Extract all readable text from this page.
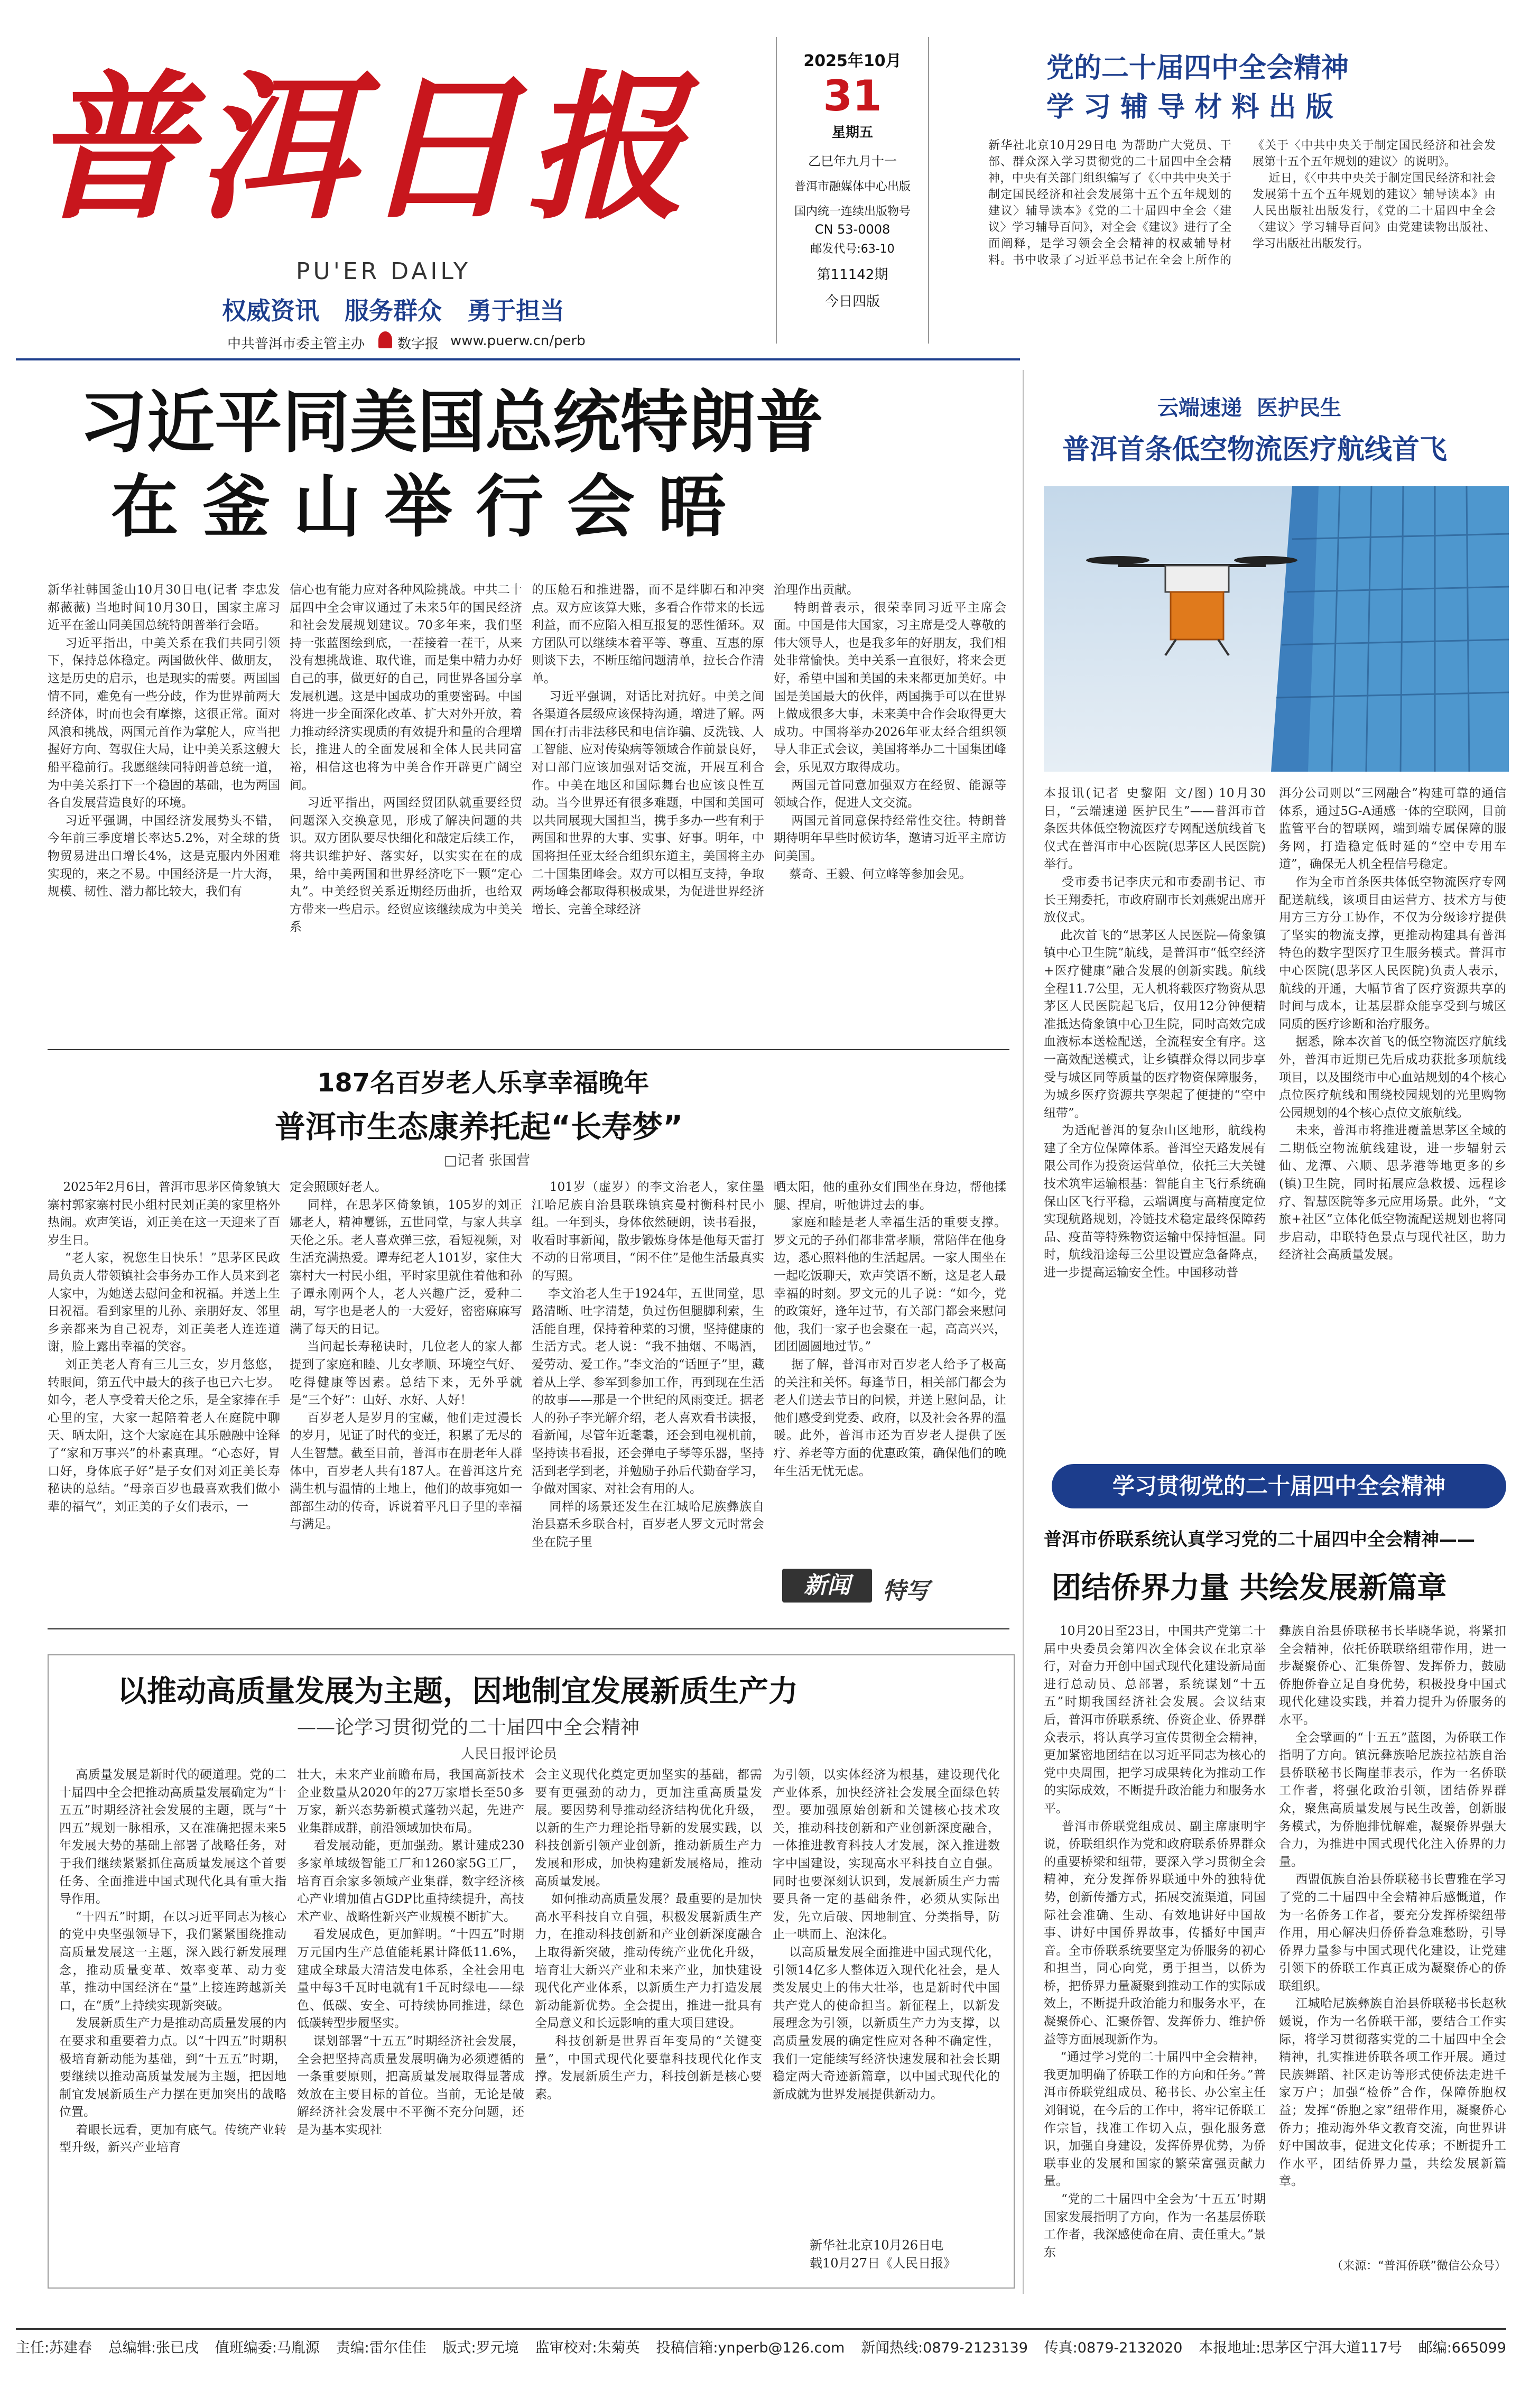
普洱日报
PU'ER DAILY
权威资讯   服务群众   勇于担当
中共普洱市委主管主办 数字报 www.puerw.cn/perb
2025年10月
31
星期五
乙巳年九月十一
普洱市融媒体中心出版
国内统一连续出版物号
CN 53-0008
邮发代号:63-10
第11142期
今日四版
党的二十届四中全会精神
学 习 辅 导 材 料 出 版
新华社北京10月29日电 为帮助广大党员、干部、群众深入学习贯彻党的二十届四中全会精神，中央有关部门组织编写了《〈中共中央关于制定国民经济和社会发展第十五个五年规划的建议〉辅导读本》《党的二十届四中全会〈建议〉学习辅导百问》，对全会《建议》进行了全面阐释，是学习领会全会精神的权威辅导材料。书中收录了习近平总书记在全会上所作的《关于〈中共中央关于制定国民经济和社会发展第十五个五年规划的建议〉的说明》。
近日，《〈中共中央关于制定国民经济和社会发展第十五个五年规划的建议〉辅导读本》由人民出版社出版发行，《党的二十届四中全会〈建议〉学习辅导百问》由党建读物出版社、学习出版社出版发行。
习近平同美国总统特朗普
在 釜 山 举 行 会 晤
新华社韩国釜山10月30日电(记者 李忠发 郝薇薇) 当地时间10月30日，国家主席习近平在釜山同美国总统特朗普举行会晤。
习近平指出，中美关系在我们共同引领下，保持总体稳定。两国做伙伴、做朋友，这是历史的启示，也是现实的需要。两国国情不同，难免有一些分歧，作为世界前两大经济体，时而也会有摩擦，这很正常。面对风浪和挑战，两国元首作为掌舵人，应当把握好方向、驾驭住大局，让中美关系这艘大船平稳前行。我愿继续同特朗普总统一道，为中美关系打下一个稳固的基础，也为两国各自发展营造良好的环境。
习近平强调，中国经济发展势头不错，今年前三季度增长率达5.2%，对全球的货物贸易进出口增长4%，这是克服内外困难实现的，来之不易。中国经济是一片大海，规模、韧性、潜力都比较大，我们有
信心也有能力应对各种风险挑战。中共二十届四中全会审议通过了未来5年的国民经济和社会发展规划建议。70多年来，我们坚持一张蓝图绘到底，一茬接着一茬干，从来没有想挑战谁、取代谁，而是集中精力办好自己的事，做更好的自己，同世界各国分享发展机遇。这是中国成功的重要密码。中国将进一步全面深化改革、扩大对外开放，着力推动经济实现质的有效提升和量的合理增长，推进人的全面发展和全体人民共同富裕，相信这也将为中美合作开辟更广阔空间。
习近平指出，两国经贸团队就重要经贸问题深入交换意见，形成了解决问题的共识。双方团队要尽快细化和敲定后续工作，将共识维护好、落实好，以实实在在的成果，给中美两国和世界经济吃下一颗“定心丸”。中美经贸关系近期经历曲折，也给双方带来一些启示。经贸应该继续成为中美关系
的压舱石和推进器，而不是绊脚石和冲突点。双方应该算大账，多看合作带来的长远利益，而不应陷入相互报复的恶性循环。双方团队可以继续本着平等、尊重、互惠的原则谈下去，不断压缩问题清单，拉长合作清单。
习近平强调，对话比对抗好。中美之间各渠道各层级应该保持沟通，增进了解。两国在打击非法移民和电信诈骗、反洗钱、人工智能、应对传染病等领域合作前景良好，对口部门应该加强对话交流，开展互利合作。中美在地区和国际舞台也应该良性互动。当今世界还有很多难题，中国和美国可以共同展现大国担当，携手多办一些有利于两国和世界的大事、实事、好事。明年，中国将担任亚太经合组织东道主，美国将主办二十国集团峰会。双方可以相互支持，争取两场峰会都取得积极成果，为促进世界经济增长、完善全球经济
治理作出贡献。
特朗普表示，很荣幸同习近平主席会面。中国是伟大国家，习主席是受人尊敬的伟大领导人，也是我多年的好朋友，我们相处非常愉快。美中关系一直很好，将来会更好，希望中国和美国的未来都更加美好。中国是美国最大的伙伴，两国携手可以在世界上做成很多大事，未来美中合作会取得更大成功。中国将举办2026年亚太经合组织领导人非正式会议，美国将举办二十国集团峰会，乐见双方取得成功。
两国元首同意加强双方在经贸、能源等领域合作，促进人文交流。
两国元首同意保持经常性交往。特朗普期待明年早些时候访华，邀请习近平主席访问美国。
蔡奇、王毅、何立峰等参加会见。
187名百岁老人乐享幸福晚年
普洱市生态康养托起“长寿梦”
□记者 张国营
2025年2月6日，普洱市思茅区倚象镇大寨村郭家寨村民小组村民刘正美的家里格外热闹。欢声笑语，刘正美在这一天迎来了百岁生日。
“老人家，祝您生日快乐！”思茅区民政局负责人带领镇社会事务办工作人员来到老人家中，为她送去慰问金和祝福。并送上生日祝福。看到家里的儿孙、亲朋好友、邻里乡亲都来为自己祝寿，刘正美老人连连道谢，脸上露出幸福的笑容。
刘正美老人育有三儿三女，岁月悠悠，转眼间，第五代中最大的孩子也已六七岁。如今，老人享受着天伦之乐，是全家捧在手心里的宝，大家一起陪着老人在庭院中聊天、晒太阳，这个大家庭在其乐融融中诠释了“家和万事兴”的朴素真理。“心态好，胃口好，身体底子好”是子女们对刘正美长寿秘诀的总结。“母亲百岁也最喜欢我们做小辈的福气”，刘正美的子女们表示，一
定会照顾好老人。
同样，在思茅区倚象镇，105岁的刘正娜老人，精神矍铄，五世同堂，与家人共享天伦之乐。老人喜欢弹三弦，看短视频，对生活充满热爱。谭寿纪老人101岁，家住大寨村大一村民小组，平时家里就住着他和孙子谭永刚两个人，老人兴趣广泛，爱种二胡，写字也是老人的一大爱好，密密麻麻写满了每天的日记。
当问起长寿秘诀时，几位老人的家人都提到了家庭和睦、儿女孝顺、环境空气好、吃得健康等因素。总结下来，无外乎就是“三个好”：山好、水好、人好！
百岁老人是岁月的宝藏，他们走过漫长的岁月，见证了时代的变迁，积累了无尽的人生智慧。截至目前，普洱市在册老年人群体中，百岁老人共有187人。在普洱这片充满生机与温情的土地上，他们的故事宛如一部部生动的传奇，诉说着平凡日子里的幸福与满足。
101岁（虚岁）的李文治老人，家住墨江哈尼族自治县联珠镇宾曼村衡科村民小组。一年到头，身体依然硬朗，读书看报，收看时事新闻，散步锻炼身体是他每天雷打不动的日常项目，“闲不住”是他生活最真实的写照。
李文治老人生于1924年，五世同堂，思路清晰、吐字清楚，负过伤但腿脚利索，生活能自理，保持着种菜的习惯，坚持健康的生活方式。老人说：“我不抽烟、不喝酒，爱劳动、爱工作。”李文治的“话匣子”里，藏着从上学、参军到参加工作，再到现在生活的故事——那是一个世纪的风雨变迁。据老人的孙子李光解介绍，老人喜欢看书读报，看新闻，尽管年近耄耋，还会到电视机前，坚持读书看报，还会弹电子琴等乐器，坚持活到老学到老，并勉励子孙后代勤奋学习，争做对国家、对社会有用的人。
同样的场景还发生在江城哈尼族彝族自治县嘉禾乡联合村，百岁老人罗文元时常会坐在院子里
晒太阳，他的重孙女们围坐在身边，帮他揉腿、捏肩，听他讲过去的事。
家庭和睦是老人幸福生活的重要支撑。罗文元的子孙们都非常孝顺，常陪伴在他身边，悉心照料他的生活起居。一家人围坐在一起吃饭聊天，欢声笑语不断，这是老人最幸福的时刻。罗文元的儿子说：“如今，党的政策好，逢年过节，有关部门都会来慰问他，我们一家子也会聚在一起，高高兴兴，团团圆圆地过节。”
据了解，普洱市对百岁老人给予了极高的关注和关怀。每逢节日，相关部门都会为老人们送去节日的问候，并送上慰问品，让他们感受到党委、政府，以及社会各界的温暖。此外，普洱市还为百岁老人提供了医疗、养老等方面的优惠政策，确保他们的晚年生活无忧无虑。
新闻	特写
以推动高质量发展为主题，因地制宜发展新质生产力
——论学习贯彻党的二十届四中全会精神
人民日报评论员
高质量发展是新时代的硬道理。党的二十届四中全会把推动高质量发展确定为“十五五”时期经济社会发展的主题，既与“十四五”规划一脉相承，又在准确把握未来5年发展大势的基础上部署了战略任务，对于我们继续紧紧抓住高质量发展这个首要任务、全面推进中国式现代化具有重大指导作用。
“十四五”时期，在以习近平同志为核心的党中央坚强领导下，我们紧紧围绕推动高质量发展这一主题，深入践行新发展理念，推动质量变革、效率变革、动力变革，推动中国经济在“量”上接连跨越新关口，在“质”上持续实现新突破。
发展新质生产力是推动高质量发展的内在要求和重要着力点。以“十四五”时期积极培育新动能为基础，到“十五五”时期，要继续以推动高质量发展为主题，把因地制宜发展新质生产力摆在更加突出的战略位置。
着眼长远看，更加有底气。传统产业转型升级，新兴产业培育
壮大，未来产业前瞻布局，我国高新技术企业数量从2020年的27万家增长至50多万家，新兴态势新模式蓬勃兴起，先进产业集群成群，前沿领域加快布局。
看发展动能，更加强劲。累计建成230多家单域级智能工厂和1260家5G工厂，培育百余家多领域产业集群，数字经济核心产业增加值占GDP比重持续提升，高技术产业、战略性新兴产业规模不断扩大。
看发展成色，更加鲜明。“十四五”时期万元国内生产总值能耗累计降低11.6%，建成全球最大清洁发电体系，全社会用电量中每3千瓦时电就有1千瓦时绿电——绿色、低碳、安全、可持续协同推进，绿色低碳转型步履坚实。
谋划部署“十五五”时期经济社会发展，全会把坚持高质量发展明确为必须遵循的一条重要原则，把高质量发展取得显著成效放在主要目标的首位。当前，无论是破解经济社会发展中不平衡不充分问题，还是为基本实现社
会主义现代化奠定更加坚实的基础，都需要有更强劲的动力，更加注重高质量发展。要因势利导推动经济结构优化升级，以新的生产力理论指导新的发展实践，以科技创新引领产业创新，推动新质生产力发展和形成，加快构建新发展格局，推动高质量发展。
如何推动高质量发展？最重要的是加快高水平科技自立自强，积极发展新质生产力，在推动科技创新和产业创新深度融合上取得新突破，推动传统产业优化升级，培育壮大新兴产业和未来产业，加快建设现代化产业体系，以新质生产力打造发展新动能新优势。全会提出，推进一批具有全局意义和长远影响的重大项目建设。
科技创新是世界百年变局的“关键变量”，中国式现代化要靠科技现代化作支撑。发展新质生产力，科技创新是核心要素。
为引领，以实体经济为根基，建设现代化产业体系，加快经济社会发展全面绿色转型。要加强原始创新和关键核心技术攻关，推动科技创新和产业创新深度融合，一体推进教育科技人才发展，深入推进数字中国建设，实现高水平科技自立自强。同时也要深刻认识到，发展新质生产力需要具备一定的基础条件，必须从实际出发，先立后破、因地制宜、分类指导，防止一哄而上、泡沫化。
以高质量发展全面推进中国式现代化，引领14亿多人整体迈入现代化社会，是人类发展史上的伟大壮举，也是新时代中国共产党人的使命担当。新征程上，以新发展理念为引领，以新质生产力为支撑，以高质量发展的确定性应对各种不确定性，我们一定能续写经济快速发展和社会长期稳定两大奇迹新篇章，以中国式现代化的新成就为世界发展提供新动力。
新华社北京10月26日电
载10月27日《人民日报》
云端速递  医护民生
普洱首条低空物流医疗航线首飞
本报讯(记者 史黎阳 文/图) 10月30日，“云端速递 医护民生”——普洱市首条医共体低空物流医疗专网配送航线首飞仪式在普洱市中心医院(思茅区人民医院)举行。
受市委书记李庆元和市委副书记、市长王翔委托，市政府副市长刘燕妮出席开放仪式。
此次首飞的“思茅区人民医院—倚象镇镇中心卫生院”航线，是普洱市“低空经济+医疗健康”融合发展的创新实践。航线全程11.7公里，无人机将载医疗物资从思茅区人民医院起飞后，仅用12分钟便精准抵达倚象镇中心卫生院，同时高效完成血液标本送检配送，全流程安全有序。这一高效配送模式，让乡镇群众得以同步享受与城区同等质量的医疗物资保障服务，为城乡医疗资源共享架起了便捷的“空中纽带”。
为适配普洱的复杂山区地形，航线构建了全方位保障体系。普洱空天路发展有限公司作为投资运营单位，依托三大关键技术筑牢运输根基：智能自主飞行系统确保山区飞行平稳，云端调度与高精度定位实现航路规划，冷链技术稳定最终保障药品、疫苗等特殊物资运输中保持恒温。同时，航线沿途每三公里设置应急备降点，进一步提高运输安全性。中国移动普
洱分公司则以“三网融合”构建可靠的通信体系，通过5G-A通感一体的空联网，目前监管平台的智联网，端到端专属保障的服务网，打造稳定低时延的“空中专用车道”，确保无人机全程信号稳定。
作为全市首条医共体低空物流医疗专网配送航线，该项目由运营方、技术方与使用方三方分工协作，不仅为分级诊疗提供了坚实的物流支撑，更推动构建具有普洱特色的数字型医疗卫生服务模式。普洱市中心医院(思茅区人民医院)负责人表示，航线的开通，大幅节省了医疗资源共享的时间与成本，让基层群众能享受到与城区同质的医疗诊断和治疗服务。
据悉，除本次首飞的低空物流医疗航线外，普洱市近期已先后成功获批多项航线项目，以及围绕市中心血站规划的4个核心点位医疗航线和围绕校园规划的光里购物公园规划的4个核心点位文旅航线。
未来，普洱市将推进覆盖思茅区全域的二期低空物流航线建设，进一步辐射云仙、龙潭、六顺、思茅港等地更多的乡(镇)卫生院，同时拓展应急救援、远程诊疗、智慧医院等多元应用场景。此外，“文旅+社区”立体化低空物流配送规划也将同步启动，串联特色景点与现代社区，助力经济社会高质量发展。
学习贯彻党的二十届四中全会精神
普洱市侨联系统认真学习党的二十届四中全会精神——
团结侨界力量 共绘发展新篇章
10月20日至23日，中国共产党第二十届中央委员会第四次全体会议在北京举行，对奋力开创中国式现代化建设新局面进行总动员、总部署，系统谋划“十五五”时期我国经济社会发展。会议结束后，普洱市侨联系统、侨资企业、侨界群众表示，将认真学习宣传贯彻全会精神，更加紧密地团结在以习近平同志为核心的党中央周围，把学习成果转化为推动工作的实际成效，不断提升政治能力和服务水平。
普洱市侨联党组成员、副主席康明宇说，侨联组织作为党和政府联系侨界群众的重要桥梁和纽带，要深入学习贯彻全会精神，充分发挥侨界联通中外的独特优势，创新传播方式，拓展交流渠道，同国际社会准确、生动、有效地讲好中国故事、讲好中国侨界故事，传播好中国声音。全市侨联系统要坚定为侨服务的初心和担当，同心向党，勇于担当，以侨为桥，把侨界力量凝聚到推动工作的实际成效上，不断提升政治能力和服务水平，在凝聚侨心、汇聚侨智、发挥侨力、维护侨益等方面展现新作为。
“通过学习党的二十届四中全会精神，我更加明确了侨联工作的方向和任务。”普洱市侨联党组成员、秘书长、办公室主任刘铜说，在今后的工作中，将牢记侨联工作宗旨，找准工作切入点，强化服务意识，加强自身建设，发挥侨界优势，为侨联事业的发展和国家的繁荣富强贡献力量。
“党的二十届四中全会为‘十五五’时期国家发展指明了方向，作为一名基层侨联工作者，我深感使命在肩、责任重大。”景东
彝族自治县侨联秘书长毕晓华说，将紧扣全会精神，依托侨联联络组带作用，进一步凝聚侨心、汇集侨智、发挥侨力，鼓励侨胞侨眷立足自身优势，积极投身中国式现代化建设实践，并着力提升为侨服务的水平。
全会擘画的“十五五”蓝图，为侨联工作指明了方向。镇沅彝族哈尼族拉祜族自治县侨联秘书长陶崖菲表示，作为一名侨联工作者，将强化政治引领，团结侨界群众，聚焦高质量发展与民生改善，创新服务模式，为侨胞排忧解难，凝聚侨界强大合力，为推进中国式现代化注入侨界的力量。
西盟佤族自治县侨联秘书长曹雅在学习了党的二十届四中全会精神后感慨道，作为一名侨务工作者，要充分发挥桥梁纽带作用，用心解决归侨侨眷急难愁盼，引导侨界力量参与中国式现代化建设，让党建引领下的侨联工作真正成为凝聚侨心的侨联组织。
江城哈尼族彝族自治县侨联秘书长赵秋媛说，作为一名侨联干部，要结合工作实际，将学习贯彻落实党的二十届四中全会精神，扎实推进侨联各项工作开展。通过民族舞蹈、社区走访等形式使侨法走进千家万户；加强“检侨”合作，保障侨胞权益；发挥“侨胞之家”纽带作用，凝聚侨心侨力；推动海外华文教育交流，向世界讲好中国故事，促进文化传承；不断提升工作水平，团结侨界力量，共绘发展新篇章。
（来源：“普洱侨联”微信公众号）
主任:苏建春 总编辑:张已戌 值班编委:马胤源 责编:雷尔佳佳 版式:罗元境 监审校对:朱菊英 投稿信箱:ynperb@126.com 新闻热线:0879-2123139 传真:0879-2132020 本报地址:思茅区宁洱大道117号 邮编:665099
